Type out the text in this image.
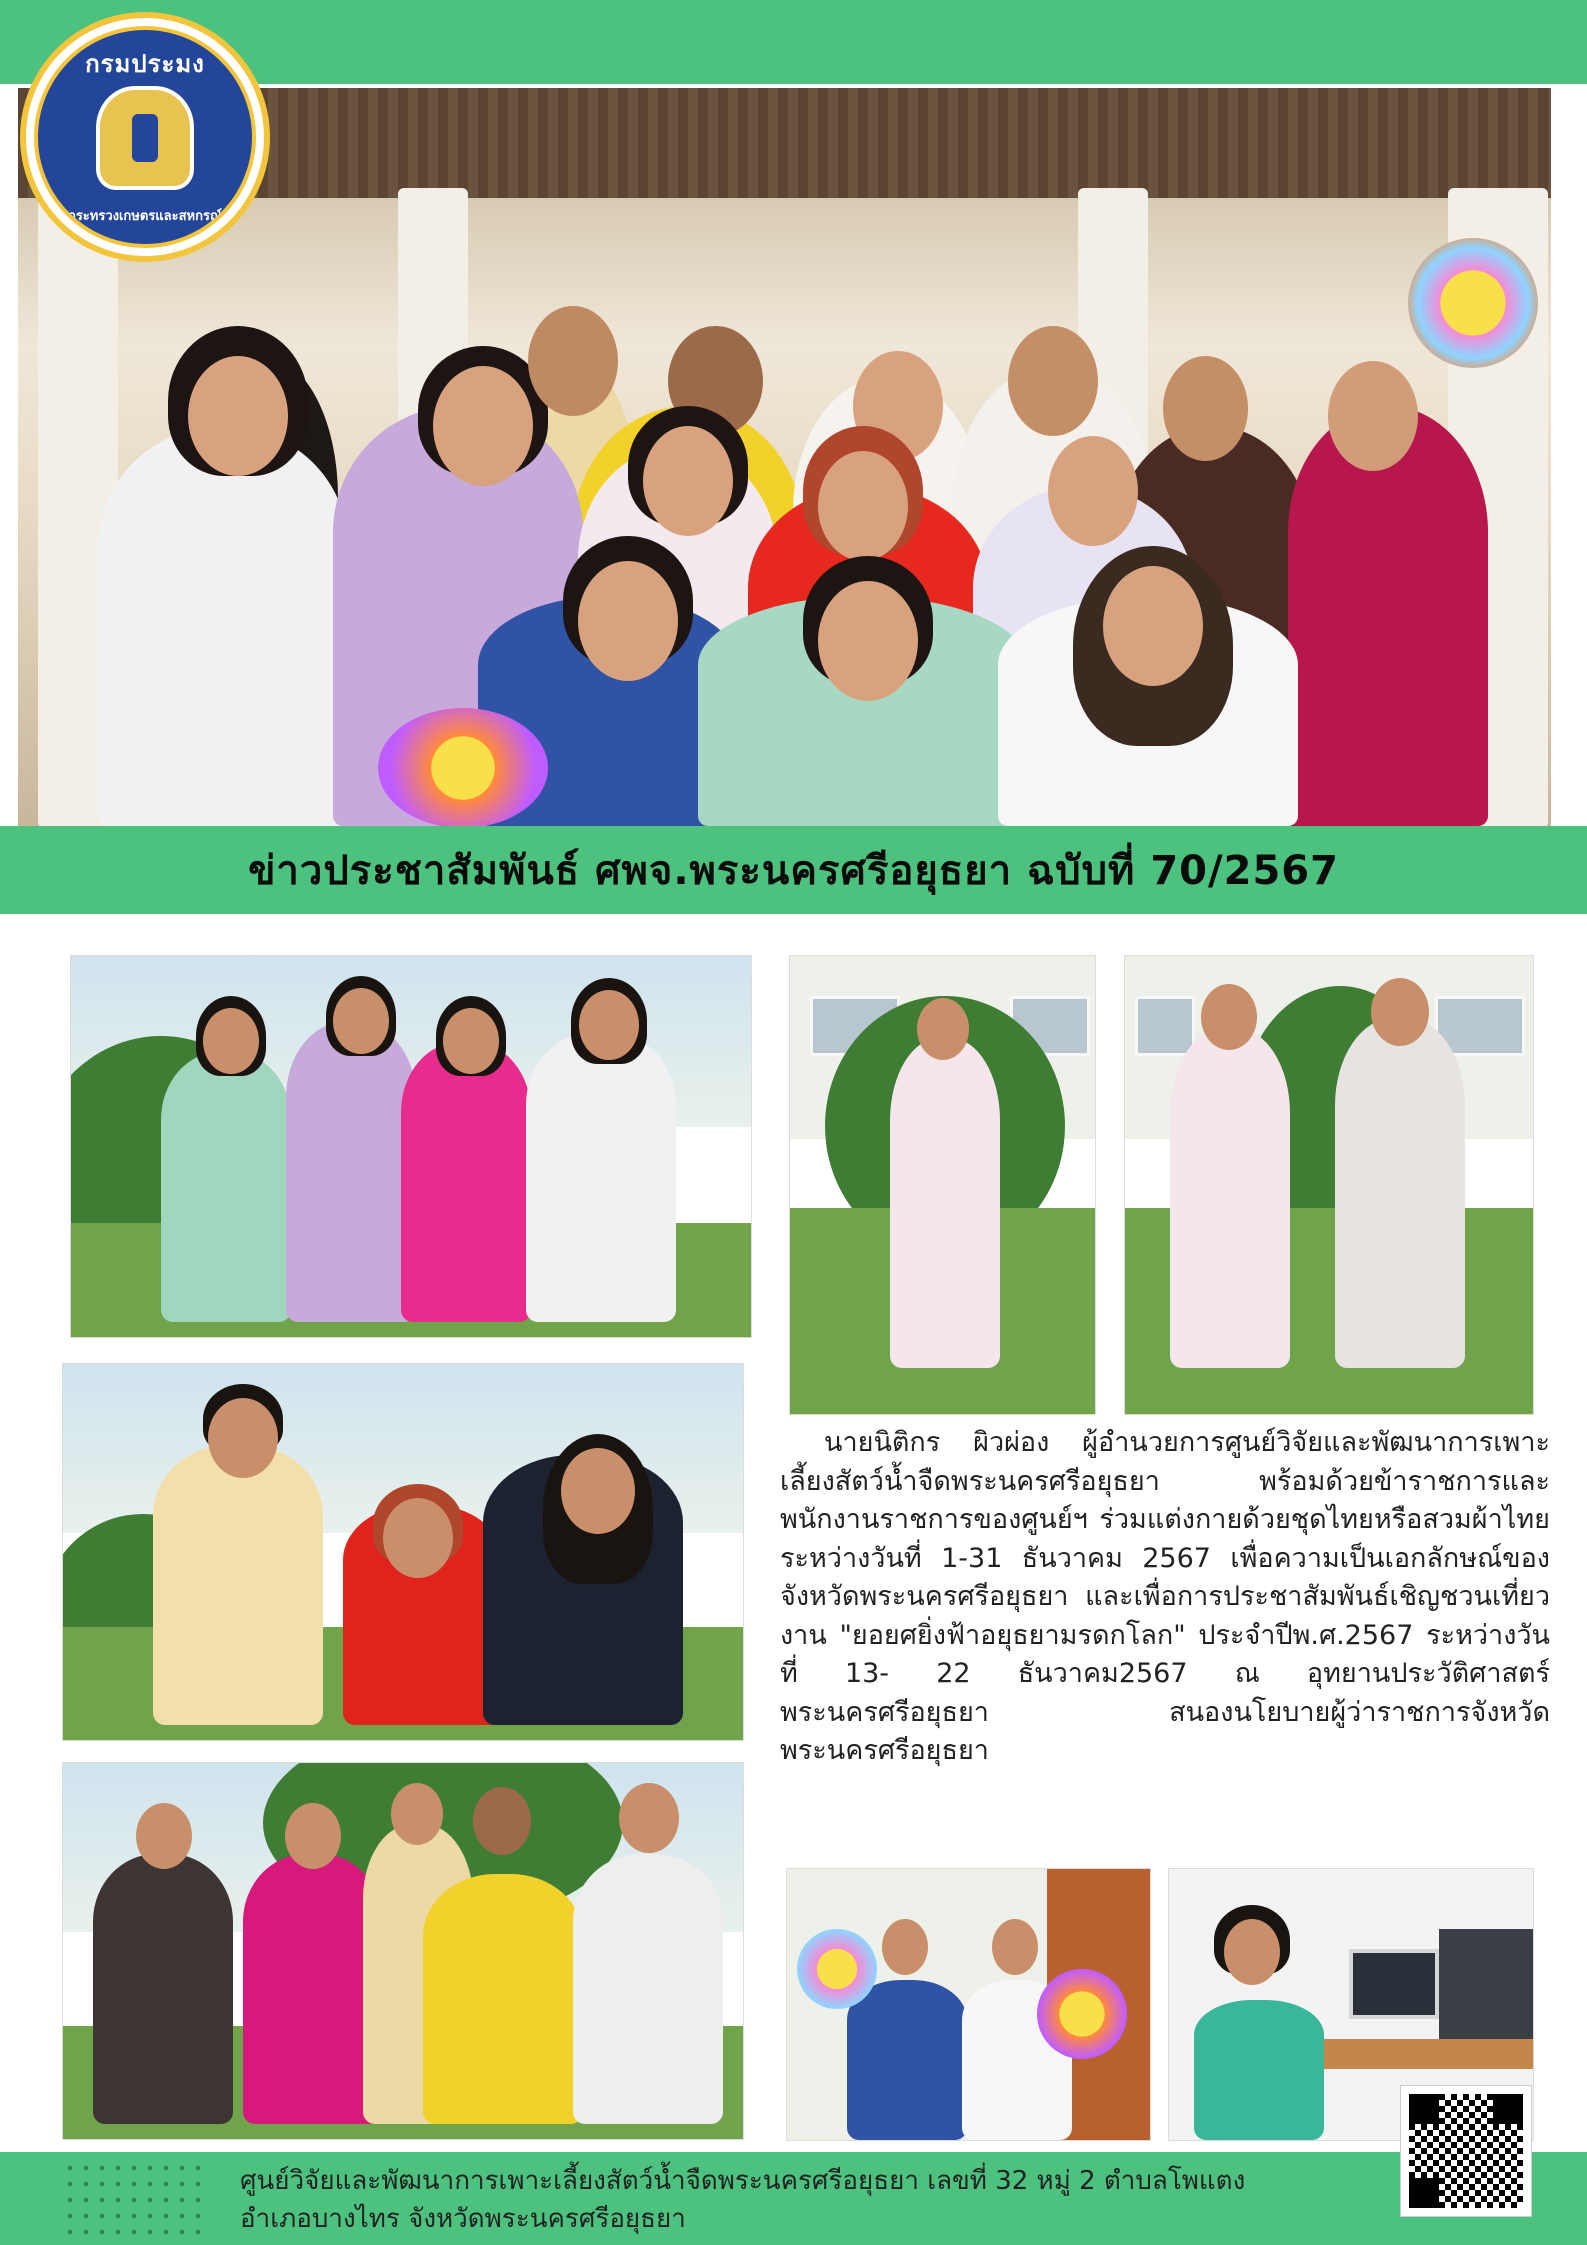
กรมประมง
กระทรวงเกษตรและสหกรณ์
ข่าวประชาสัมพันธ์ ศพจ.พระนครศรีอยุธยา ฉบับที่ 70/2567
นายนิติกร ผิวผ่อง ผู้อำนวยการศูนย์วิจัยและพัฒนาการเพาะเลี้ยงสัตว์น้ำจืดพระนครศรีอยุธยา พร้อมด้วยข้าราชการและพนักงานราชการของศูนย์ฯ ร่วมแต่งกายด้วยชุดไทยหรือสวมผ้าไทย ระหว่างวันที่ 1-31 ธันวาคม 2567 เพื่อความเป็นเอกลักษณ์ของจังหวัดพระนครศรีอยุธยา และเพื่อการประชาสัมพันธ์เชิญชวนเที่ยวงาน "ยอยศยิ่งฟ้าอยุธยามรดกโลก" ประจำปีพ.ศ.2567 ระหว่างวันที่ 13- 22 ธันวาคม2567 ณ อุทยานประวัติศาสตร์พระนครศรีอยุธยา สนองนโยบายผู้ว่าราชการจังหวัดพระนครศรีอยุธยา
ศูนย์วิจัยและพัฒนาการเพาะเลี้ยงสัตว์น้ำจืดพระนครศรีอยุธยา เลขที่ 32 หมู่ 2 ตำบลโพแตง
อำเภอบางไทร จังหวัดพระนครศรีอยุธยา
